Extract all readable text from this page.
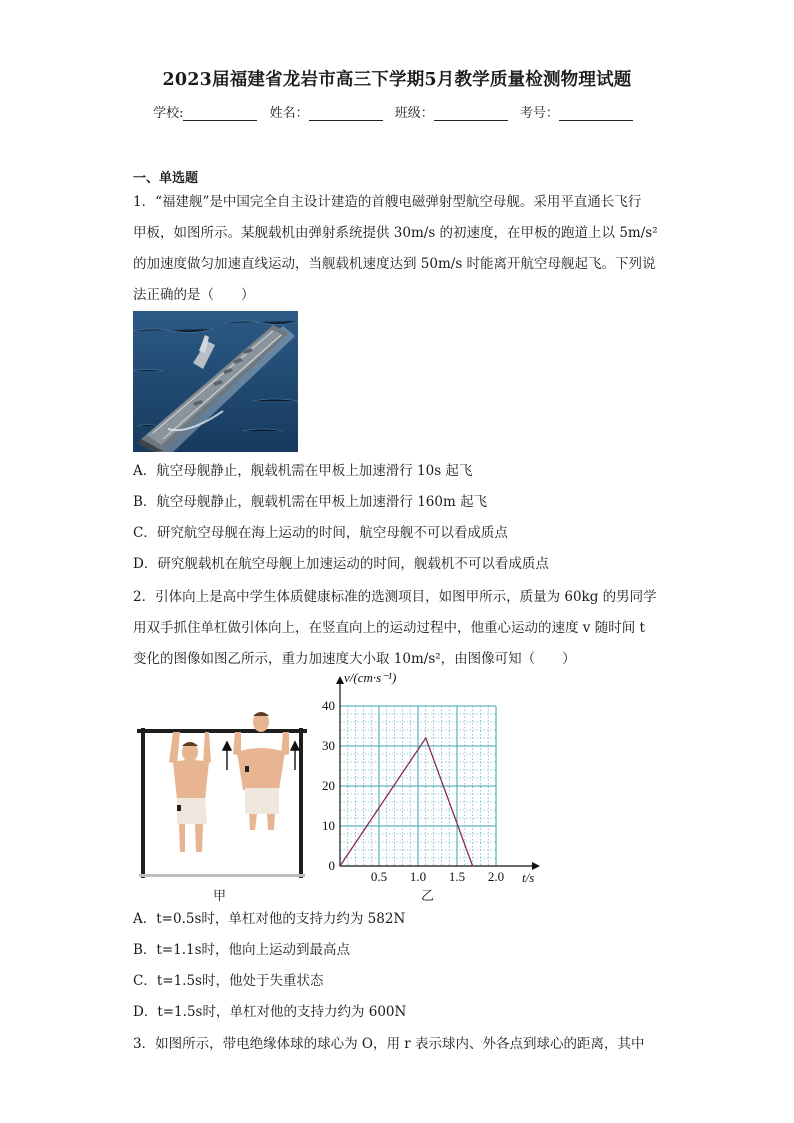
2023届福建省龙岩市高三下学期5月教学质量检测物理试题
学校:	姓名：	班级：	考号：
一、单选题
1．“福建舰”是中国完全自主设计建造的首艘电磁弹射型航空母舰。采用平直通长飞行
甲板，如图所示。某舰载机由弹射系统提供 30m/s 的初速度，在甲板的跑道上以 5m/s²
的加速度做匀加速直线运动，当舰载机速度达到 50m/s 时能离开航空母舰起飞。下列说
法正确的是（　　）
A．航空母舰静止，舰载机需在甲板上加速滑行 10s 起飞
B．航空母舰静止，舰载机需在甲板上加速滑行 160m 起飞
C．研究航空母舰在海上运动的时间，航空母舰不可以看成质点
D．研究舰载机在航空母舰上加速运动的时间，舰载机不可以看成质点
2．引体向上是高中学生体质健康标准的选测项目，如图甲所示，质量为 60kg 的男同学
用双手抓住单杠做引体向上，在竖直向上的运动过程中，他重心运动的速度 v 随时间 t
变化的图像如图乙所示，重力加速度大小取 10m/s²，由图像可知（　　）
甲
0.5 1.0 1.5 2.0
0
10
20
30
40
v/(cm·s⁻¹)
t/s
乙
A．t=0.5s时，单杠对他的支持力约为 582N
B．t=1.1s时，他向上运动到最高点
C．t=1.5s时，他处于失重状态
D．t=1.5s时，单杠对他的支持力约为 600N
3．如图所示，带电绝缘体球的球心为 O，用 r 表示球内、外各点到球心的距离，其中
